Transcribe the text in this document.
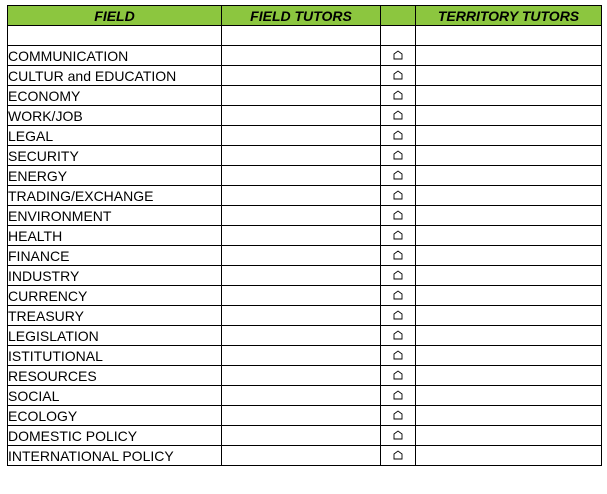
FIELD	FIELD TUTORS		TERRITORY TUTORS

COMMUNICATION		

CULTUR and EDUCATION		

ECONOMY		

WORK/JOB		

LEGAL		

SECURITY		

ENERGY		

TRADING/EXCHANGE		

ENVIRONMENT		

HEALTH		

FINANCE		

INDUSTRY		

CURRENCY		

TREASURY		

LEGISLATION		

ISTITUTIONAL		

RESOURCES		

SOCIAL		

ECOLOGY		

DOMESTIC POLICY		

INTERNATIONAL POLICY		
